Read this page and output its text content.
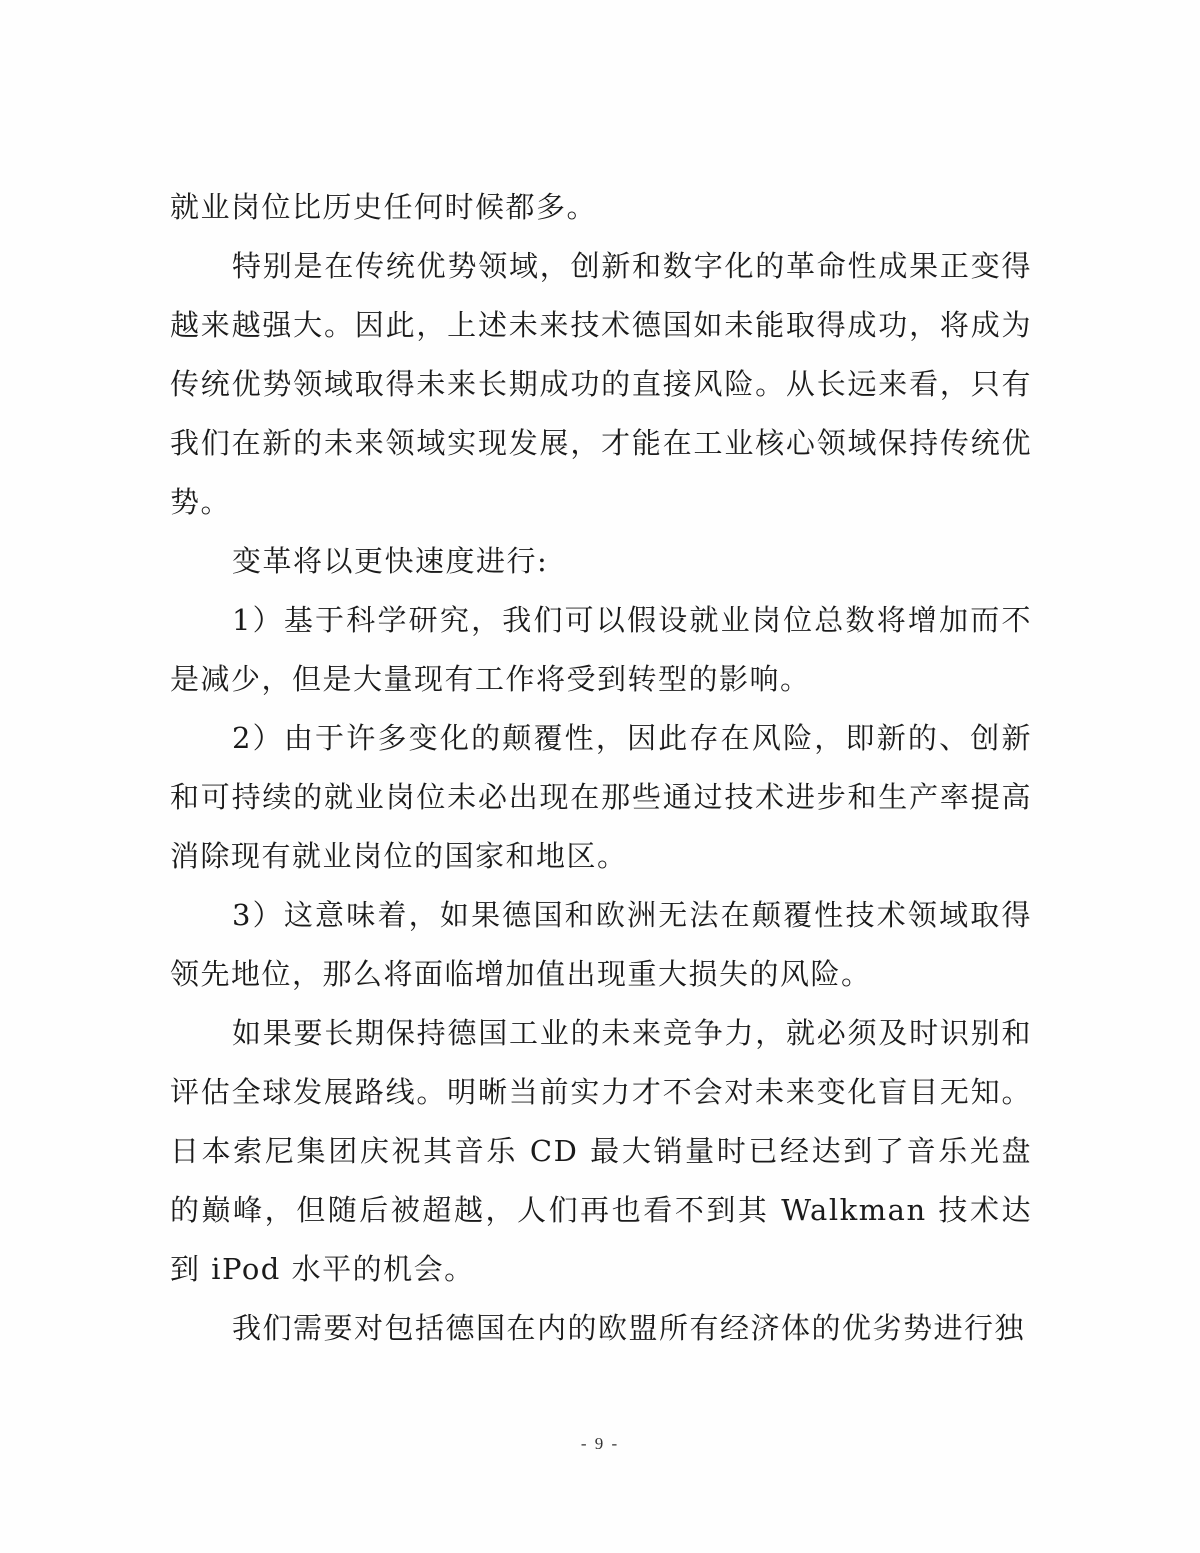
就业岗位比历史任何时候都多。

特别是在传统优势领域，创新和数字化的革命性成果正变得越来越强大。因此，上述未来技术德国如未能取得成功，将成为传统优势领域取得未来长期成功的直接风险。从长远来看，只有我们在新的未来领域实现发展，才能在工业核心领域保持传统优势。

变革将以更快速度进行:

1）基于科学研究，我们可以假设就业岗位总数将增加而不是减少，但是大量现有工作将受到转型的影响。

2）由于许多变化的颠覆性，因此存在风险，即新的、创新和可持续的就业岗位未必出现在那些通过技术进步和生产率提高消除现有就业岗位的国家和地区。

3）这意味着，如果德国和欧洲无法在颠覆性技术领域取得领先地位，那么将面临增加值出现重大损失的风险。

如果要长期保持德国工业的未来竞争力，就必须及时识别和评估全球发展路线。明晰当前实力才不会对未来变化盲目无知。日本索尼集团庆祝其音乐 CD 最大销量时已经达到了音乐光盘的巅峰，但随后被超越，人们再也看不到其 Walkman 技术达到 iPod 水平的机会。

我们需要对包括德国在内的欧盟所有经济体的优劣势进行独

- 9 -
